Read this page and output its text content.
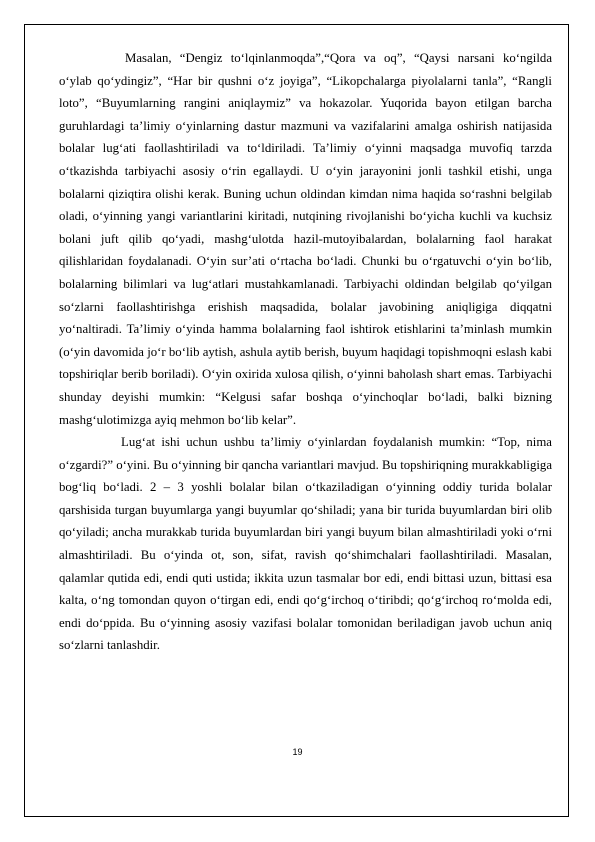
Masalan, “Dengiz to‘lqinlanmoqda”,“Qora va oq”, “Qaysi narsani ko‘ngilda o‘ylab qo‘ydingiz”, “Har bir qushni o‘z joyiga”, “Likopchalarga piyolalarni tanla”, “Rangli loto”, “Buyumlarning rangini aniqlaymiz” va hokazolar. Yuqorida bayon etilgan barcha guruhlardagi ta’limiy o‘yinlarning dastur mazmuni va vazifalarini amalga oshirish natijasida bolalar lug‘ati faollashtiriladi va to‘ldiriladi. Ta’limiy o‘yinni maqsadga muvofiq tarzda o‘tkazishda tarbiyachi asosiy o‘rin egallaydi. U o‘yin jarayonini jonli tashkil etishi, unga bolalarni qiziqtira olishi kerak. Buning uchun oldindan kimdan nima haqida so‘rashni belgilab oladi, o‘yinning yangi variantlarini kiritadi, nutqining rivojlanishi bo‘yicha kuchli va kuchsiz bolani juft qilib qo‘yadi, mashg‘ulotda hazil-mutoyibalardan, bolalarning faol harakat qilishlaridan foydalanadi. O‘yin sur’ati o‘rtacha bo‘ladi. Chunki bu o‘rgatuvchi o‘yin bo‘lib, bolalarning bilimlari va lug‘atlari mustahkamlanadi. Tarbiyachi oldindan belgilab qo‘yilgan so‘zlarni faollashtirishga erishish maqsadida, bolalar javobining aniqligiga diqqatni yo‘naltiradi. Ta’limiy o‘yinda hamma bolalarning faol ishtirok etishlarini ta’minlash mumkin (o‘yin davomida jo‘r bo‘lib aytish, ashula aytib berish, buyum haqidagi topishmoqni eslash kabi topshiriqlar berib boriladi). O‘yin oxirida xulosa qilish, o‘yinni baholash shart emas. Tarbiyachi shunday deyishi mumkin: “Kelgusi safar boshqa o‘yinchoqlar bo‘ladi, balki bizning mashg‘ulotimizga ayiq mehmon bo‘lib kelar”.

Lug‘at ishi uchun ushbu ta’limiy o‘yinlardan foydalanish mumkin: “Top, nima o‘zgardi?” o‘yini. Bu o‘yinning bir qancha variantlari mavjud. Bu topshiriqning murakkabligiga bog‘liq bo‘ladi. 2 – 3 yoshli bolalar bilan o‘tkaziladigan o‘yinning oddiy turida bolalar qarshisida turgan buyumlarga yangi buyumlar qo‘shiladi; yana bir turida buyumlardan biri olib qo‘yiladi; ancha murakkab turida buyumlardan biri yangi buyum bilan almashtiriladi yoki o‘rni almashtiriladi. Bu o‘yinda ot, son, sifat, ravish qo‘shimchalari faollashtiriladi. Masalan, qalamlar qutida edi, endi quti ustida; ikkita uzun tasmalar bor edi, endi bittasi uzun, bittasi esa kalta, o‘ng tomondan quyon o‘tirgan edi, endi qo‘g‘irchoq o‘tiribdi; qo‘g‘irchoq ro‘molda edi, endi do‘ppida. Bu o‘yinning asosiy vazifasi bolalar tomonidan beriladigan javob uchun aniq so‘zlarni tanlashdir.

19
